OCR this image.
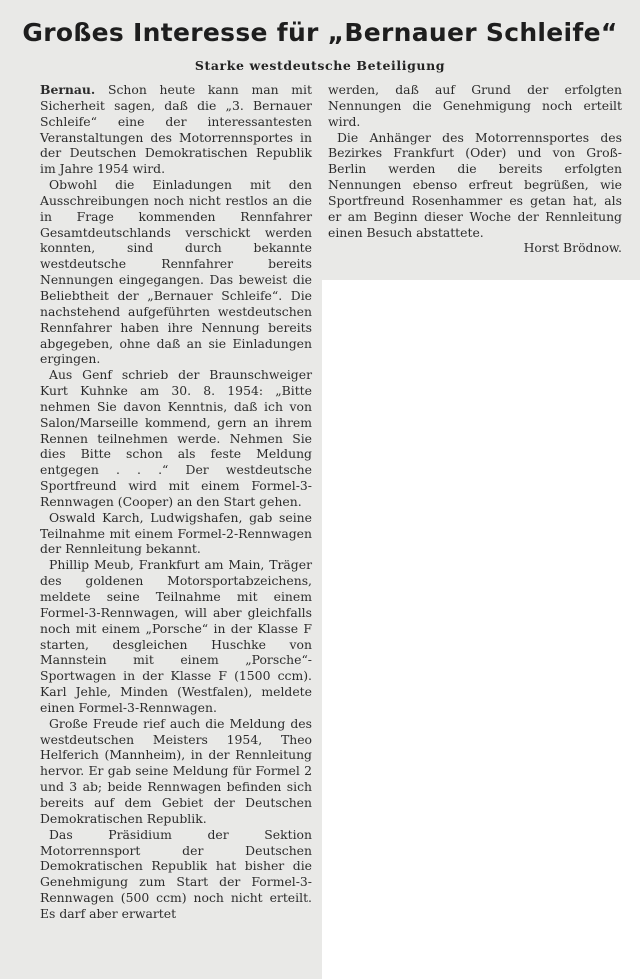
Großes Interesse für „Bernauer Schleife“
Starke westdeutsche Beteiligung

Bernau. Schon heute kann man mit Sicherheit sagen, daß die „3. Bernauer Schleife“ eine der interessantesten Veranstaltungen des Motorrennsportes in der Deutschen Demokratischen Republik im Jahre 1954 wird.

Obwohl die Einladungen mit den Ausschreibungen noch nicht restlos an die in Frage kommenden Rennfahrer Gesamtdeutschlands verschickt werden konnten, sind durch bekannte westdeutsche Rennfahrer bereits Nennungen eingegangen. Das beweist die Beliebtheit der „Bernauer Schleife“. Die nachstehend aufgeführten westdeutschen Rennfahrer haben ihre Nennung bereits abgegeben, ohne daß an sie Einladungen ergingen.

Aus Genf schrieb der Braunschweiger Kurt Kuhnke am 30. 8. 1954: „Bitte nehmen Sie davon Kenntnis, daß ich von Salon/Marseille kommend, gern an ihrem Rennen teilnehmen werde. Nehmen Sie dies Bitte schon als feste Meldung entgegen . . .“ Der westdeutsche Sportfreund wird mit einem Formel-3-Rennwagen (Cooper) an den Start gehen.

Oswald Karch, Ludwigshafen, gab seine Teilnahme mit einem Formel-2-Rennwagen der Rennleitung bekannt.

Phillip Meub, Frankfurt am Main, Träger des goldenen Motorsportabzeichens, meldete seine Teilnahme mit einem Formel-3-Rennwagen, will aber gleichfalls noch mit einem „Porsche“ in der Klasse F starten, desgleichen Huschke von Mannstein mit einem „Porsche“-Sportwagen in der Klasse F (1500 ccm). Karl Jehle, Minden (Westfalen), meldete einen Formel-3-Rennwagen.

Große Freude rief auch die Meldung des westdeutschen Meisters 1954, Theo Helferich (Mannheim), in der Rennleitung hervor. Er gab seine Meldung für Formel 2 und 3 ab; beide Rennwagen befinden sich bereits auf dem Gebiet der Deutschen Demokratischen Republik.

Das Präsidium der Sektion Motorrennsport der Deutschen Demokratischen Republik hat bisher die Genehmigung zum Start der Formel-3-Rennwagen (500 ccm) noch nicht erteilt. Es darf aber erwartet

werden, daß auf Grund der erfolgten Nennungen die Genehmigung noch erteilt wird.

Die Anhänger des Motorrennsportes des Bezirkes Frankfurt (Oder) und von Groß-Berlin werden die bereits erfolgten Nennungen ebenso erfreut begrüßen, wie Sportfreund Rosenhammer es getan hat, als er am Beginn dieser Woche der Rennleitung einen Besuch abstattete.

Horst Brödnow.
